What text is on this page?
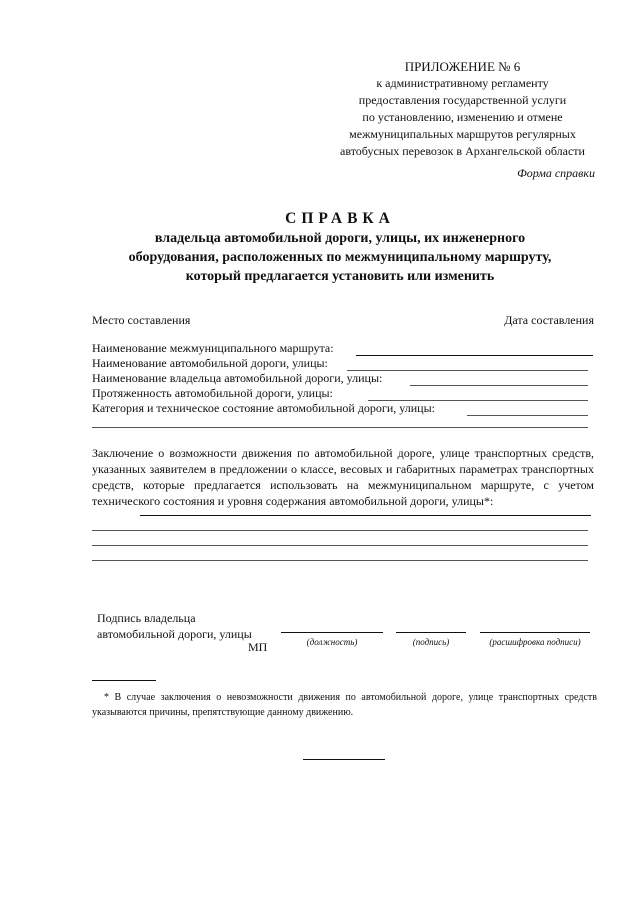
ПРИЛОЖЕНИЕ № 6
к административному регламенту
предоставления государственной услуги
по установлению, изменению и отмене
межмуниципальных маршрутов регулярных
автобусных перевозок в Архангельской области
Форма справки
СПРАВКА
владельца автомобильной дороги, улицы, их инженерного оборудования, расположенных по межмуниципальному маршруту, который предлагается установить или изменить
Место составления	Дата составления
Наименование межмуниципального маршрута:
Наименование автомобильной дороги, улицы:
Наименование владельца автомобильной дороги, улицы:
Протяженность автомобильной дороги, улицы:
Категория и техническое состояние автомобильной дороги, улицы:
Заключение о возможности движения по автомобильной дороге, улице транспортных средств, указанных заявителем в предложении о классе, весовых и габаритных параметрах транспортных средств, которые предлагается использовать на межмуниципальном маршруте, с учетом технического состояния и уровня содержания автомобильной дороги, улицы*:
Подпись владельца
автомобильной дороги, улицы
МП	(должность)	(подпись)	(расшифровка подписи)
* В случае заключения о невозможности движения по автомобильной дороге, улице транспортных средств указываются причины, препятствующие данному движению.
